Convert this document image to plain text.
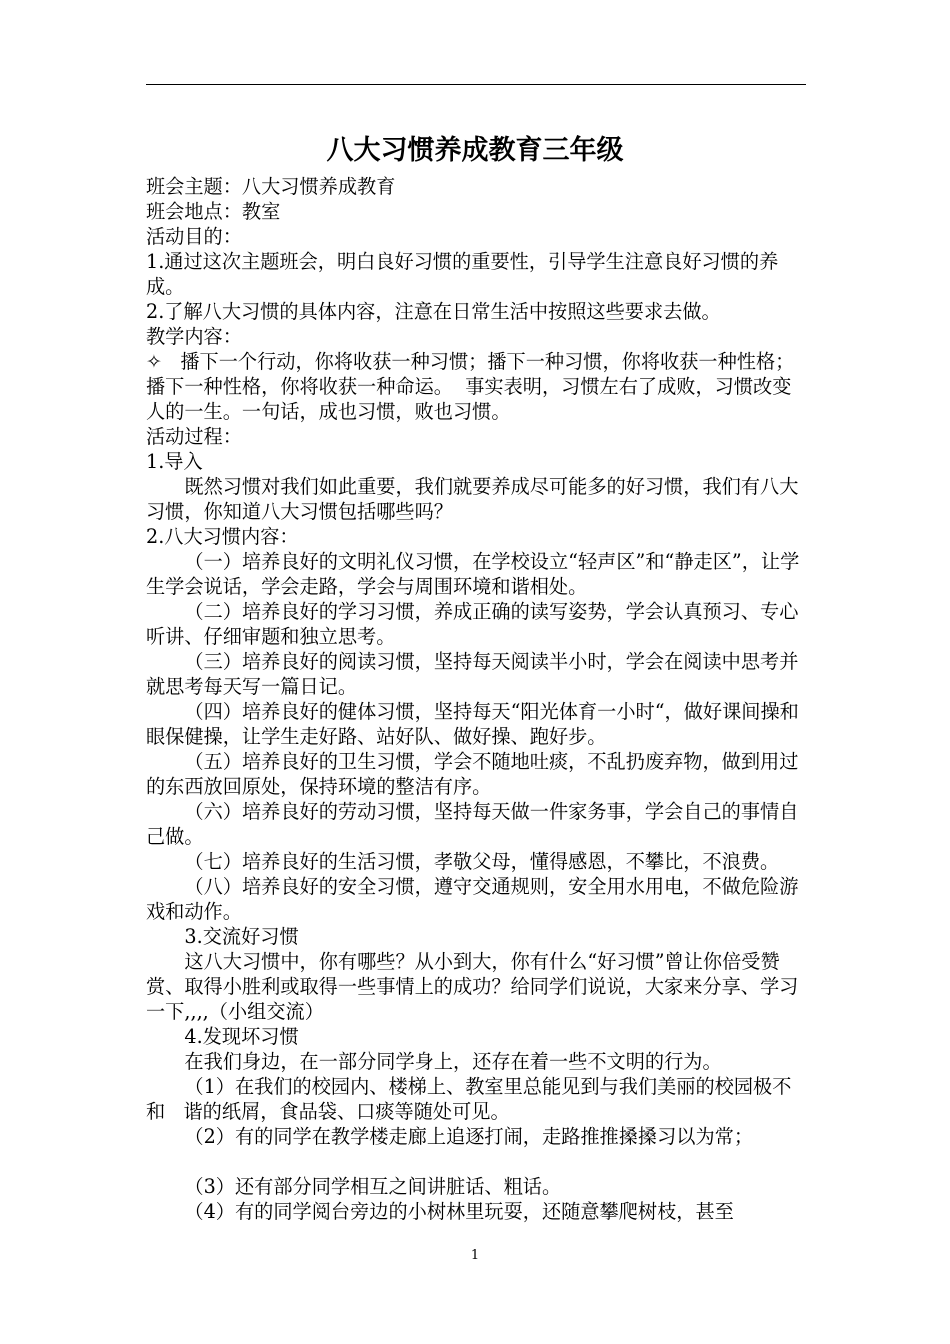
八大习惯养成教育三年级

班会主题：八大习惯养成教育

班会地点：教室

活动目的：

1.通过这次主题班会，明白良好习惯的重要性，引导学生注意良好习惯的养成。

2.了解八大习惯的具体内容，注意在日常生活中按照这些要求去做。

教学内容：

✧   播下一个行动，你将收获一种习惯；播下一种习惯，你将收获一种性格；播下一种性格，你将收获一种命运。  事实表明，习惯左右了成败，习惯改变人的一生。一句话，成也习惯，败也习惯。

活动过程：

1.导入

既然习惯对我们如此重要，我们就要养成尽可能多的好习惯，我们有八大习惯，你知道八大习惯包括哪些吗？

2.八大习惯内容：

（一）培养良好的文明礼仪习惯，在学校设立“轻声区”和“静走区”，让学生学会说话，学会走路，学会与周围环境和谐相处。

（二）培养良好的学习习惯，养成正确的读写姿势，学会认真预习、专心听讲、仔细审题和独立思考。

（三）培养良好的阅读习惯，坚持每天阅读半小时，学会在阅读中思考并就思考每天写一篇日记。

（四）培养良好的健体习惯，坚持每天“阳光体育一小时“，做好课间操和眼保健操，让学生走好路、站好队、做好操、跑好步。

（五）培养良好的卫生习惯，学会不随地吐痰，不乱扔废弃物，做到用过的东西放回原处，保持环境的整洁有序。

（六）培养良好的劳动习惯，坚持每天做一件家务事，学会自己的事情自己做。

（七）培养良好的生活习惯，孝敬父母，懂得感恩，不攀比，不浪费。

（八）培养良好的安全习惯，遵守交通规则，安全用水用电，不做危险游戏和动作。

3.交流好习惯

这八大习惯中，你有哪些？从小到大，你有什么“好习惯”曾让你倍受赞赏、取得小胜利或取得一些事情上的成功？给同学们说说，大家来分享、学习一下,,,,（小组交流）

4.发现坏习惯

在我们身边，在一部分同学身上，还存在着一些不文明的行为。

（1）在我们的校园内、楼梯上、教室里总能见到与我们美丽的校园极不和   谐的纸屑，食品袋、口痰等随处可见。

（2）有的同学在教学楼走廊上追逐打闹，走路推推搡搡习以为常；

（3）还有部分同学相互之间讲脏话、粗话。

（4）有的同学阅台旁边的小树林里玩耍，还随意攀爬树枝，甚至

1
